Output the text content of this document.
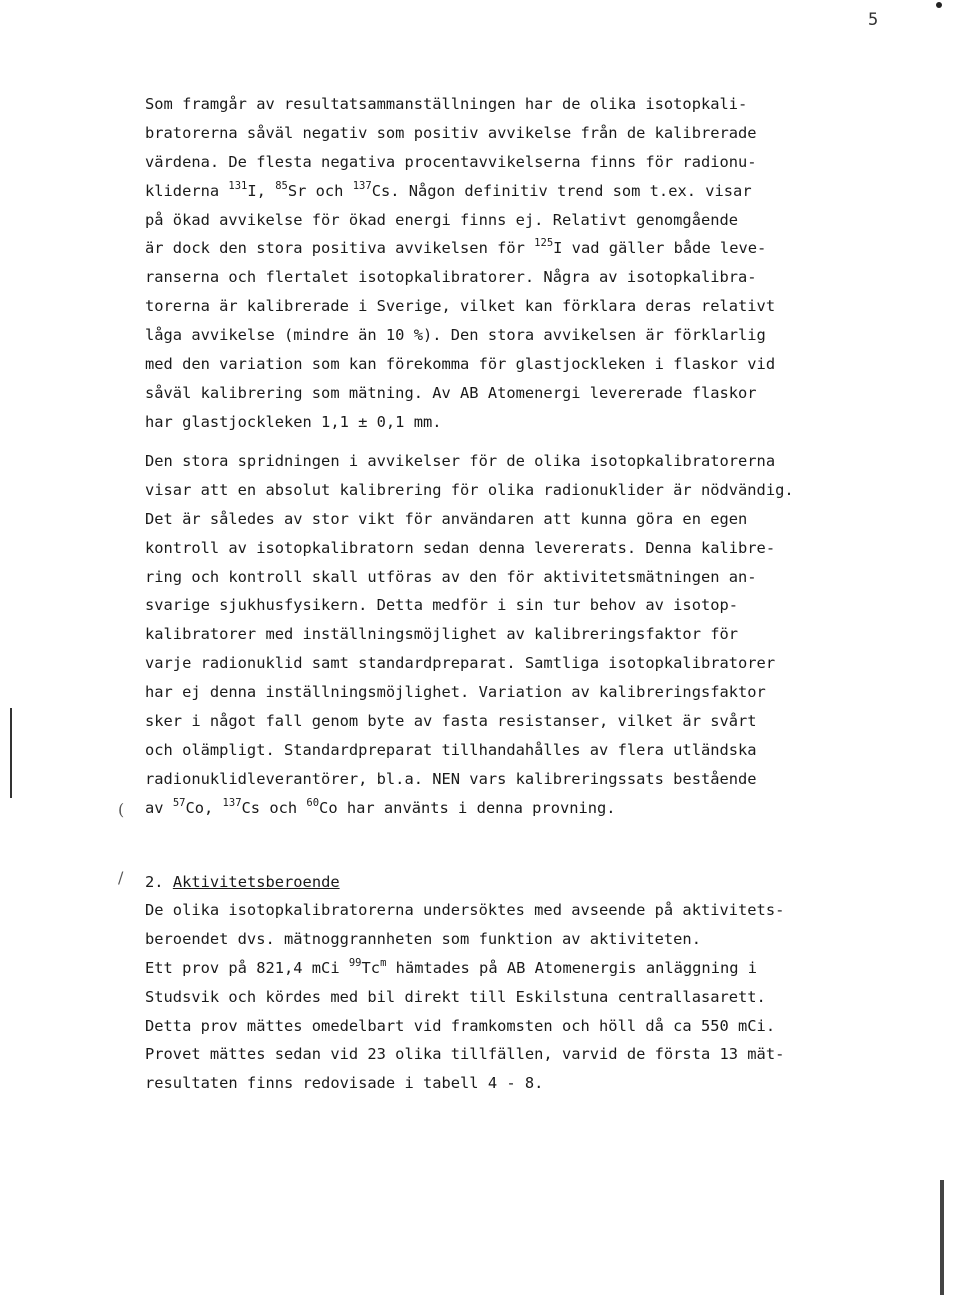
5
Som framgår av resultatsammanställningen har de olika isotopkali-
bratorerna såväl negativ som positiv avvikelse från de kalibrerade
värdena. De flesta negativa procentavvikelserna finns för radionu-
kliderna $^{131}$I, $^{85}$Sr och $^{137}$Cs. Någon definitiv trend som t.ex. visar
på ökad avvikelse för ökad energi finns ej. Relativt genomgående
är dock den stora positiva avvikelsen för $^{125}$I vad gäller både leve-
ranserna och flertalet isotopkalibratorer. Några av isotopkalibra-
torerna är kalibrerade i Sverige, vilket kan förklara deras relativt
låga avvikelse (mindre än 10 %). Den stora avvikelsen är förklarlig
med den variation som kan förekomma för glastjockleken i flaskor vid
såväl kalibrering som mätning. Av AB Atomenergi levererade flaskor
har glastjockleken 1,1 ± 0,1 mm.
Den stora spridningen i avvikelser för de olika isotopkalibratorerna
visar att en absolut kalibrering för olika radionuklider är nödvändig.
Det är således av stor vikt för användaren att kunna göra en egen
kontroll av isotopkalibratorn sedan denna levererats. Denna kalibre-
ring och kontroll skall utföras av den för aktivitetsmätningen an-
svarige sjukhusfysikern. Detta medför i sin tur behov av isotop-
kalibratorer med inställningsmöjlighet av kalibreringsfaktor för
varje radionuklid samt standardpreparat. Samtliga isotopkalibratorer
har ej denna inställningsmöjlighet. Variation av kalibreringsfaktor
sker i något fall genom byte av fasta resistanser, vilket är svårt
och olämpligt. Standardpreparat tillhandahålles av flera utländska
radionuklidleverantörer, bl.a. NEN vars kalibreringssats bestående
av $^{57}$Co, $^{137}$Cs och $^{60}$Co har använts i denna provning.
2. Aktivitetsberoende
De olika isotopkalibratorerna undersöktes med avseende på aktivitets-
beroendet dvs. mätnoggrannheten som funktion av aktiviteten.
Ett prov på 821,4 mCi $^{99}$Tc$^m$ hämtades på AB Atomenergis anläggning i
Studsvik och kördes med bil direkt till Eskilstuna centrallasarett.
Detta prov mättes omedelbart vid framkomsten och höll då ca 550 mCi.
Provet mättes sedan vid 23 olika tillfällen, varvid de första 13 mät-
resultaten finns redovisade i tabell 4 - 8.
(
/
